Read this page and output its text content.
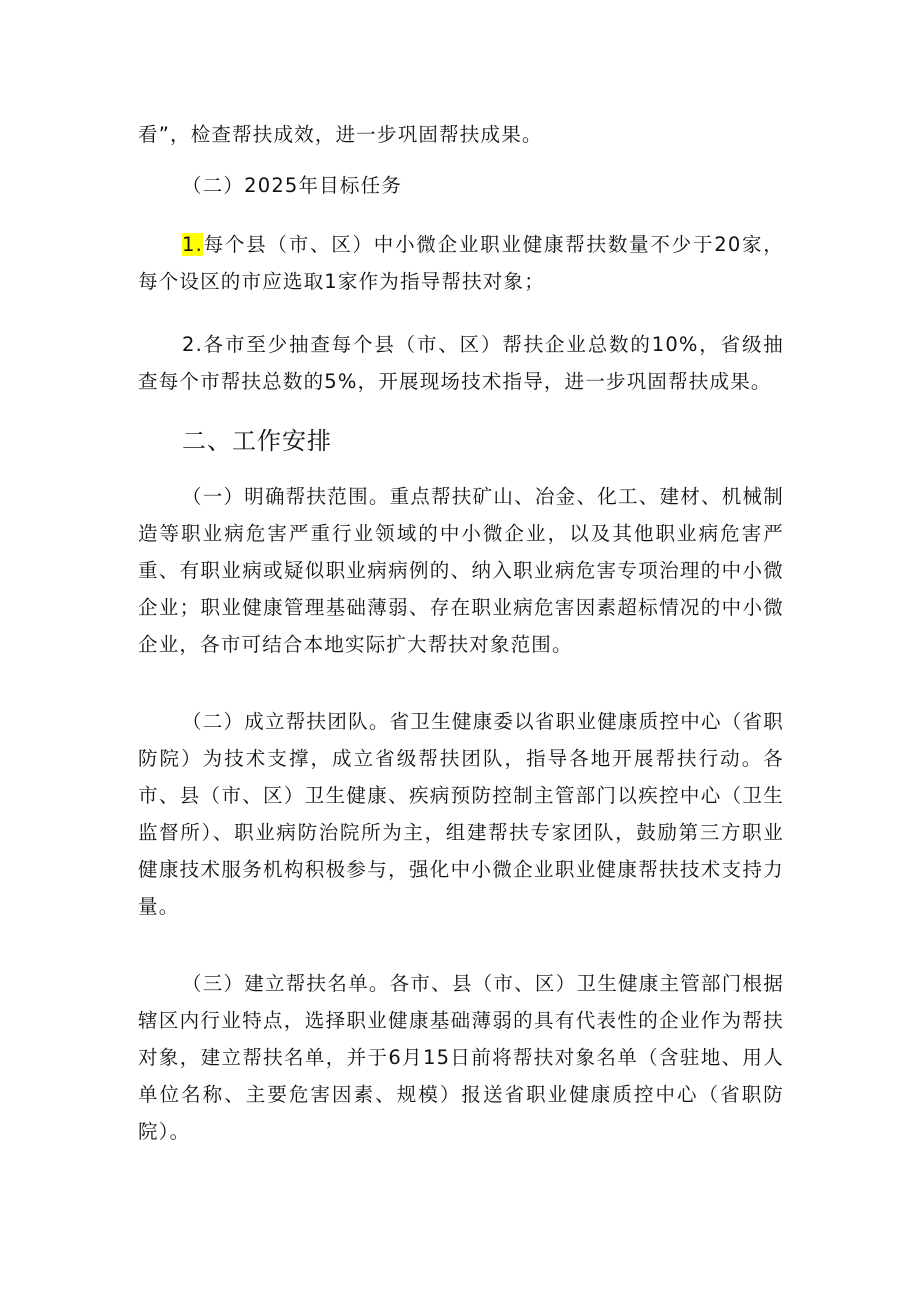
看”，检查帮扶成效，进一步巩固帮扶成果。

（二）2025年目标任务

1.每个县（市、区）中小微企业职业健康帮扶数量不少于20家，每个设区的市应选取1家作为指导帮扶对象；

2.各市至少抽查每个县（市、区）帮扶企业总数的10%，省级抽查每个市帮扶总数的5%，开展现场技术指导，进一步巩固帮扶成果。

二、工作安排

（一）明确帮扶范围。重点帮扶矿山、冶金、化工、建材、机械制造等职业病危害严重行业领域的中小微企业，以及其他职业病危害严重、有职业病或疑似职业病病例的、纳入职业病危害专项治理的中小微企业；职业健康管理基础薄弱、存在职业病危害因素超标情况的中小微企业，各市可结合本地实际扩大帮扶对象范围。

（二）成立帮扶团队。省卫生健康委以省职业健康质控中心（省职防院）为技术支撑，成立省级帮扶团队，指导各地开展帮扶行动。各市、县（市、区）卫生健康、疾病预防控制主管部门以疾控中心（卫生监督所）、职业病防治院所为主，组建帮扶专家团队，鼓励第三方职业健康技术服务机构积极参与，强化中小微企业职业健康帮扶技术支持力量。

（三）建立帮扶名单。各市、县（市、区）卫生健康主管部门根据辖区内行业特点，选择职业健康基础薄弱的具有代表性的企业作为帮扶对象，建立帮扶名单，并于6月15日前将帮扶对象名单（含驻地、用人单位名称、主要危害因素、规模）报送省职业健康质控中心（省职防院）。
